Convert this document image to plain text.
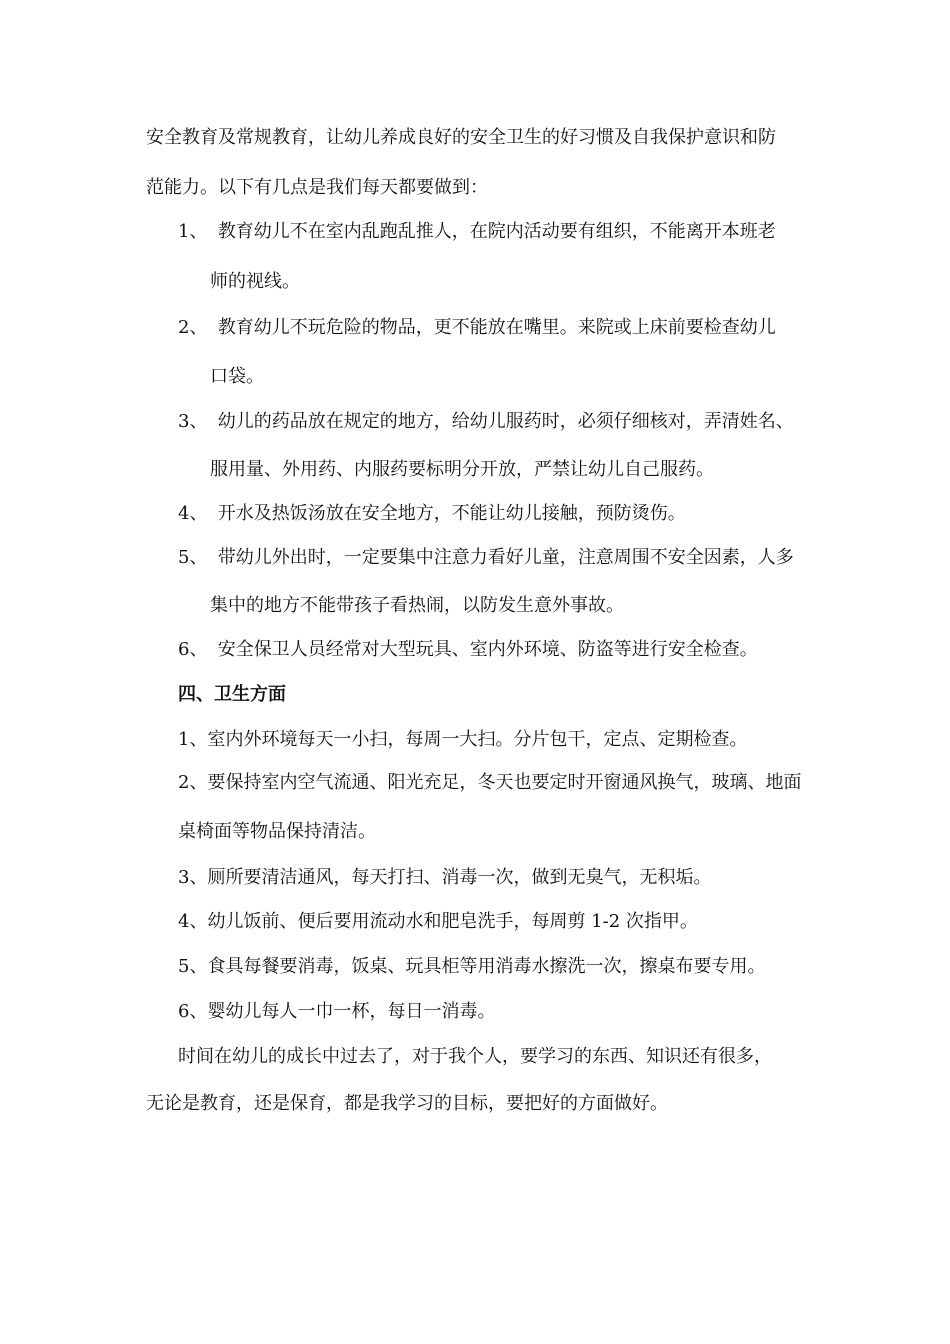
安全教育及常规教育，让幼儿养成良好的安全卫生的好习惯及自我保护意识和防
范能力。以下有几点是我们每天都要做到：
1、 教育幼儿不在室内乱跑乱推人，在院内活动要有组织，不能离开本班老
师的视线。
2、 教育幼儿不玩危险的物品，更不能放在嘴里。来院或上床前要检查幼儿
口袋。
3、 幼儿的药品放在规定的地方，给幼儿服药时，必须仔细核对，弄清姓名、
服用量、外用药、内服药要标明分开放，严禁让幼儿自己服药。
4、 开水及热饭汤放在安全地方，不能让幼儿接触，预防烫伤。
5、 带幼儿外出时，一定要集中注意力看好儿童，注意周围不安全因素，人多
集中的地方不能带孩子看热闹，以防发生意外事故。
6、 安全保卫人员经常对大型玩具、室内外环境、防盗等进行安全检查。
四、卫生方面
1、室内外环境每天一小扫，每周一大扫。分片包干，定点、定期检查。
2、要保持室内空气流通、阳光充足，冬天也要定时开窗通风换气，玻璃、地面
桌椅面等物品保持清洁。
3、厕所要清洁通风，每天打扫、消毒一次，做到无臭气，无积垢。
4、幼儿饭前、便后要用流动水和肥皂洗手，每周剪 1-2 次指甲。
5、食具每餐要消毒，饭桌、玩具柜等用消毒水擦洗一次，擦桌布要专用。
6、婴幼儿每人一巾一杯，每日一消毒。
时间在幼儿的成长中过去了，对于我个人，要学习的东西、知识还有很多，
无论是教育，还是保育，都是我学习的目标，要把好的方面做好。
